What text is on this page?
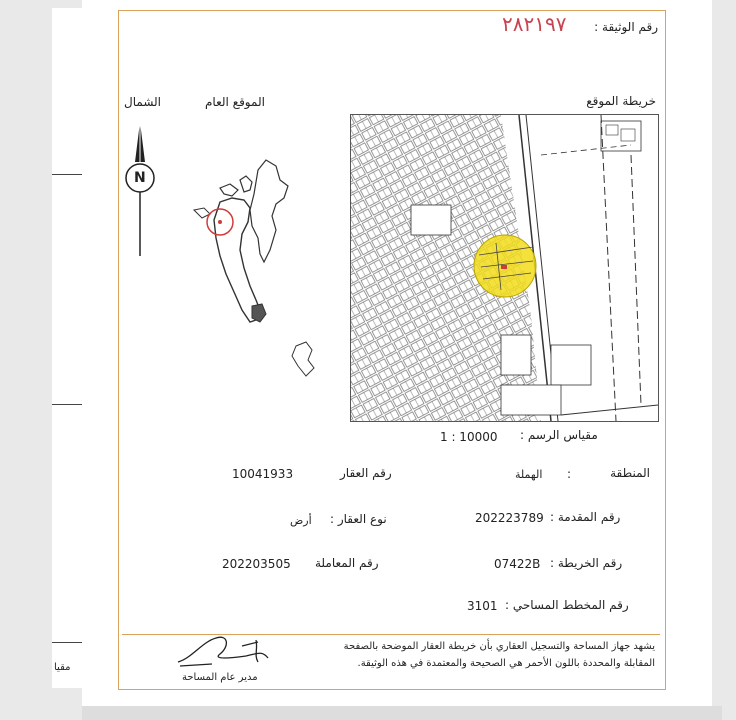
مقيا
رقم الوثيقة :
٢٨٢١٩٧
خريطة الموقع
الموقع العام
الشمال
N
مقياس الرسم :
1 : 10000
المنطقة
:
الهملة
رقم العقار
10041933
رقم المقدمة :
202223789
نوع العقار :
أرض
رقم الخريطة :
07422B
رقم المعاملة
202203505
رقم المخطط المساحي :
3101
يشهد جهاز المساحة والتسجيل العقاري بأن خريطة العقار الموضحة بالصفحة المقابلة والمحددة باللون الأحمر هي الصحيحة والمعتمدة في هذه الوثيقة.
مدير عام المساحة
